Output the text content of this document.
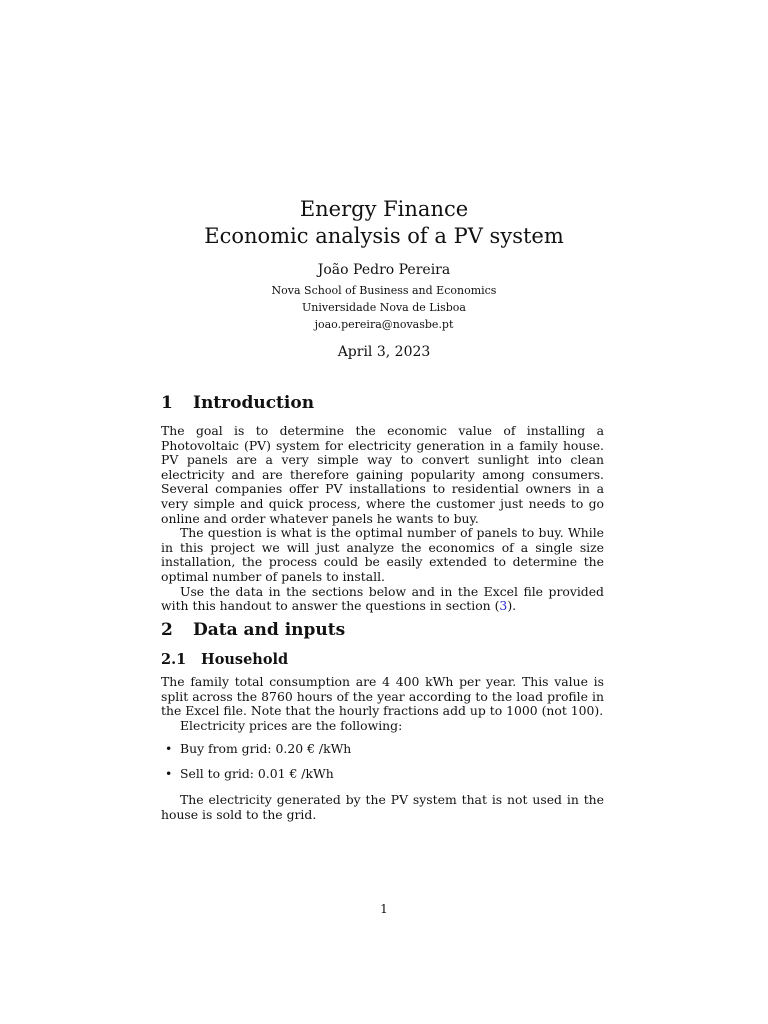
Energy Finance
Economic analysis of a PV system
João Pedro Pereira
Nova School of Business and Economics
Universidade Nova de Lisboa
joao.pereira@novasbe.pt
April 3, 2023
1 Introduction

The goal is to determine the economic value of installing a Photovoltaic (PV) system for electricity generation in a family house. PV panels are a very simple way to convert sunlight into clean electricity and are therefore gaining popularity among consumers. Several companies offer PV installations to residential owners in a very simple and quick process, where the customer just needs to go online and order whatever panels he wants to buy.

The question is what is the optimal number of panels to buy. While in this project we will just analyze the economics of a single size installation, the process could be easily extended to determine the optimal number of panels to install.

Use the data in the sections below and in the Excel file provided with this handout to answer the questions in section (3).

2 Data and inputs
2.1 Household

The family total consumption are 4 400 kWh per year. This value is split across the 8760 hours of the year according to the load profile in the Excel file. Note that the hourly fractions add up to 1000 (not 100).

Electricity prices are the following:

• Buy from grid: 0.20 € /kWh
• Sell to grid: 0.01 € /kWh

The electricity generated by the PV system that is not used in the house is sold to the grid.

1
